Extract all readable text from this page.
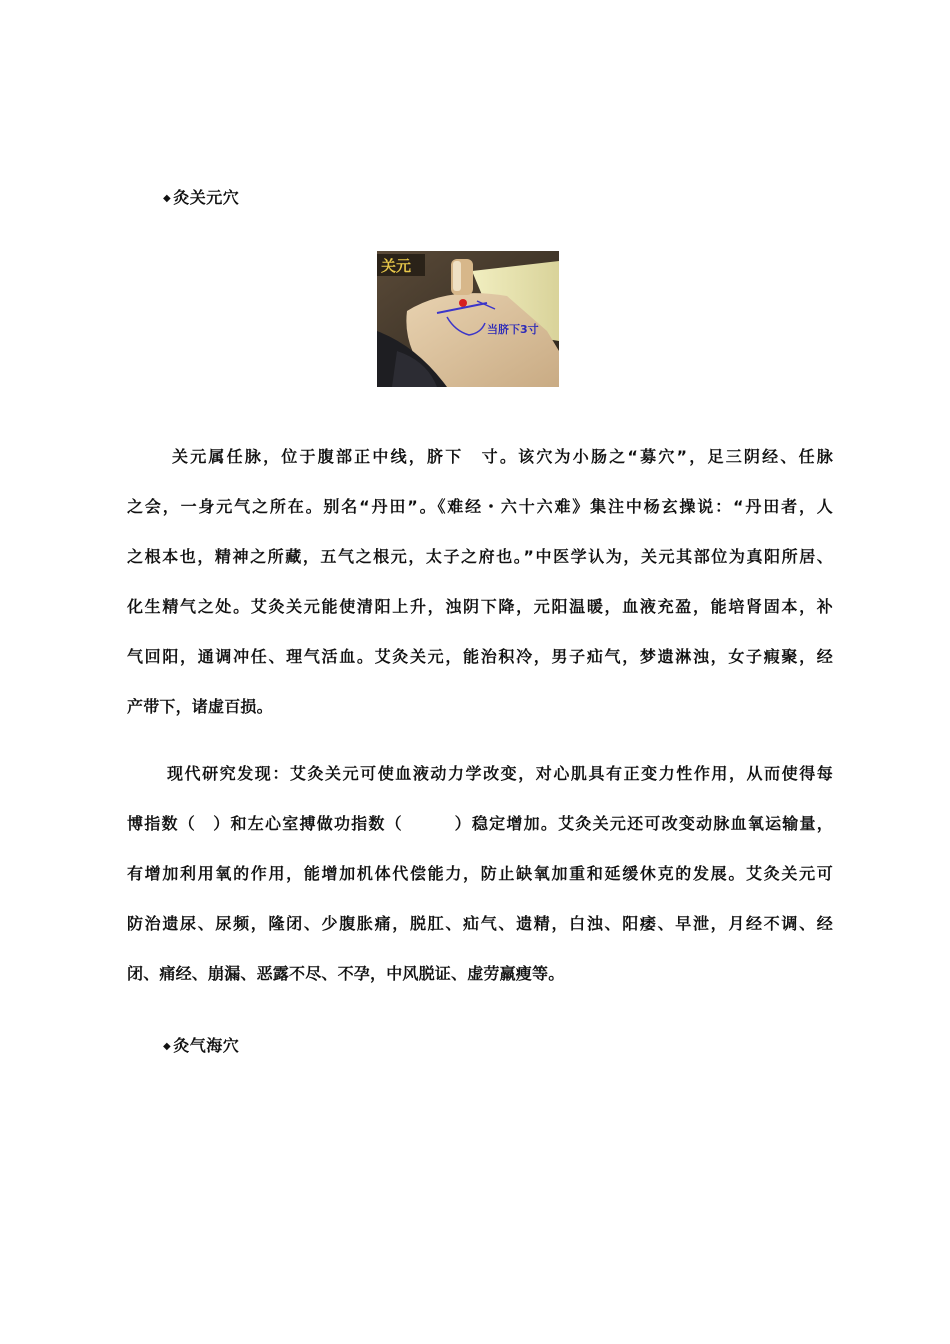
◆ 灸关元穴
关元
当脐下3寸
关元属任脉，位于腹部正中线，脐下　寸。该穴为小肠之“募穴”，足三阴经、任脉
之会，一身元气之所在。别名“丹田”。《难经・六十六难》集注中杨玄操说：“丹田者，人
之根本也，精神之所藏，五气之根元，太子之府也。”中医学认为，关元其部位为真阳所居、
化生精气之处。艾灸关元能使清阳上升，浊阴下降，元阳温暖，血液充盈，能培肾固本，补
气回阳，通调冲任、理气活血。艾灸关元，能治积冷，男子疝气，梦遗淋浊，女子瘕聚，经
产带下，诸虚百损。
现代研究发现：艾灸关元可使血液动力学改变，对心肌具有正变力性作用，从而使得每
博指数（　）和左心室搏做功指数（　　　）稳定增加。艾灸关元还可改变动脉血氧运输量，
有增加利用氧的作用，能增加机体代偿能力，防止缺氧加重和延缓休克的发展。艾灸关元可
防治遗尿、尿频，隆闭、少腹胀痛，脱肛、疝气、遗精，白浊、阳痿、早泄，月经不调、经
闭、痛经、崩漏、恶露不尽、不孕，中风脱证、虚劳羸瘦等。
◆ 灸气海穴
